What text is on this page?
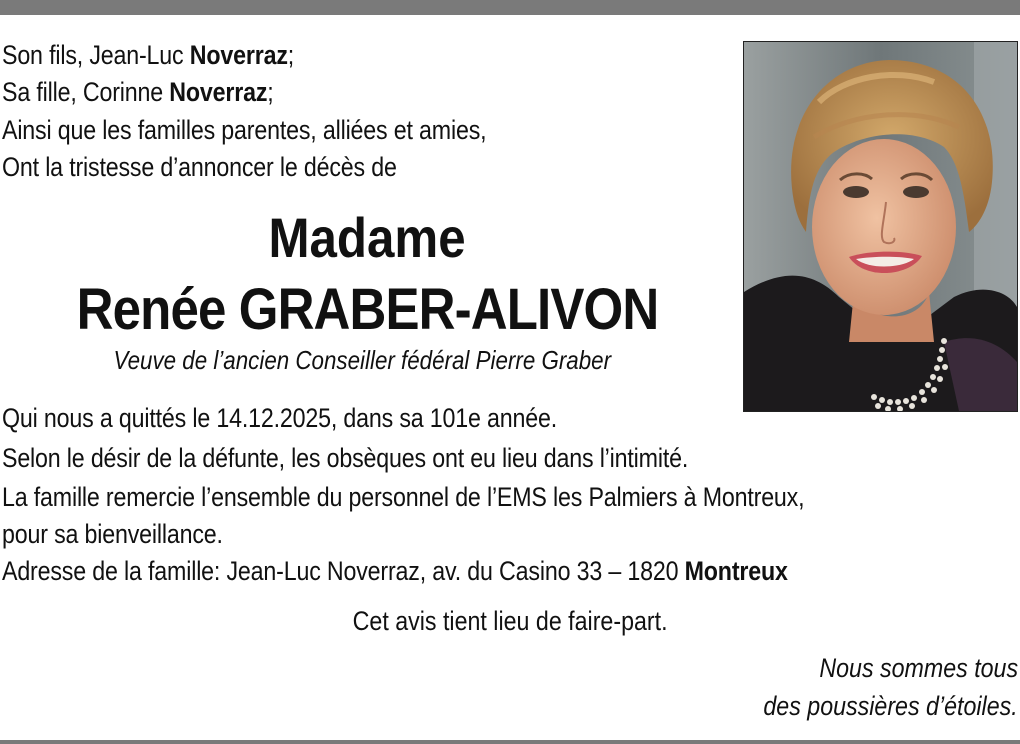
Son fils, Jean-Luc Noverraz;
Sa fille, Corinne Noverraz;
Ainsi que les familles parentes, alliées et amies,
Ont la tristesse d’annoncer le décès de
Madame
Renée GRABER-ALIVON
Veuve de l’ancien Conseiller fédéral Pierre Graber
Qui nous a quittés le 14.12.2025, dans sa 101e année.
Selon le désir de la défunte, les obsèques ont eu lieu dans l’intimité.
La famille remercie l’ensemble du personnel de l’EMS les Palmiers à Montreux,
pour sa bienveillance.
Adresse de la famille: Jean-Luc Noverraz, av. du Casino 33 – 1820 Montreux
Cet avis tient lieu de faire-part.
Nous sommes tous
des poussières d’étoiles.
